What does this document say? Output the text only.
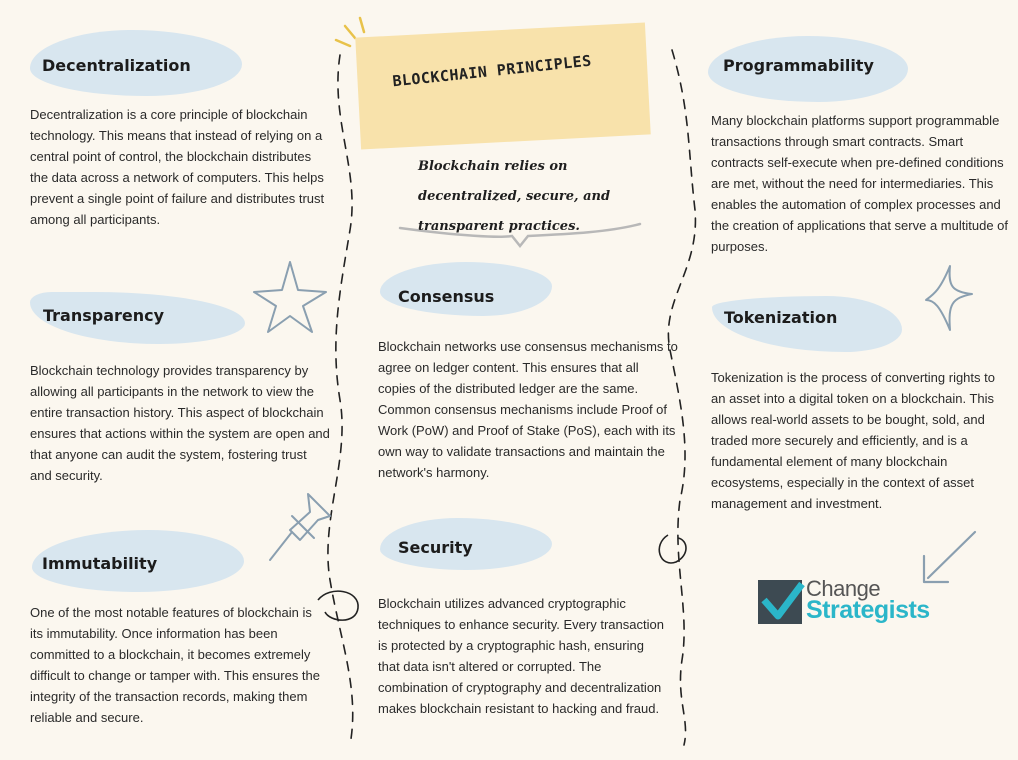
BLOCKCHAIN PRINCIPLES
Blockchain relies on decentralized, secure, and transparent practices.
Decentralization
Transparency
Immutability
Consensus
Security
Programmability
Tokenization
Decentralization is a core principle of blockchain technology. This means that instead of relying on a central point of control, the blockchain distributes the data across a network of computers. This helps prevent a single point of failure and distributes trust among all participants.
Blockchain technology provides transparency by allowing all participants in the network to view the entire transaction history. This aspect of blockchain ensures that actions within the system are open and that anyone can audit the system, fostering trust and security.
One of the most notable features of blockchain is its immutability. Once information has been committed to a blockchain, it becomes extremely difficult to change or tamper with. This ensures the integrity of the transaction records, making them reliable and secure.
Blockchain networks use consensus mechanisms to agree on ledger content. This ensures that all copies of the distributed ledger are the same. Common consensus mechanisms include Proof of Work (PoW) and Proof of Stake (PoS), each with its own way to validate transactions and maintain the network's harmony.
Blockchain utilizes advanced cryptographic techniques to enhance security. Every transaction is protected by a cryptographic hash, ensuring that data isn't altered or corrupted. The combination of cryptography and decentralization makes blockchain resistant to hacking and fraud.
Many blockchain platforms support programmable transactions through smart contracts. Smart contracts self-execute when pre-defined conditions are met, without the need for intermediaries. This enables the automation of complex processes and the creation of applications that serve a multitude of purposes.
Tokenization is the process of converting rights to an asset into a digital token on a blockchain. This allows real-world assets to be bought, sold, and traded more securely and efficiently, and is a fundamental element of many blockchain ecosystems, especially in the context of asset management and investment.
Change
Strategists
